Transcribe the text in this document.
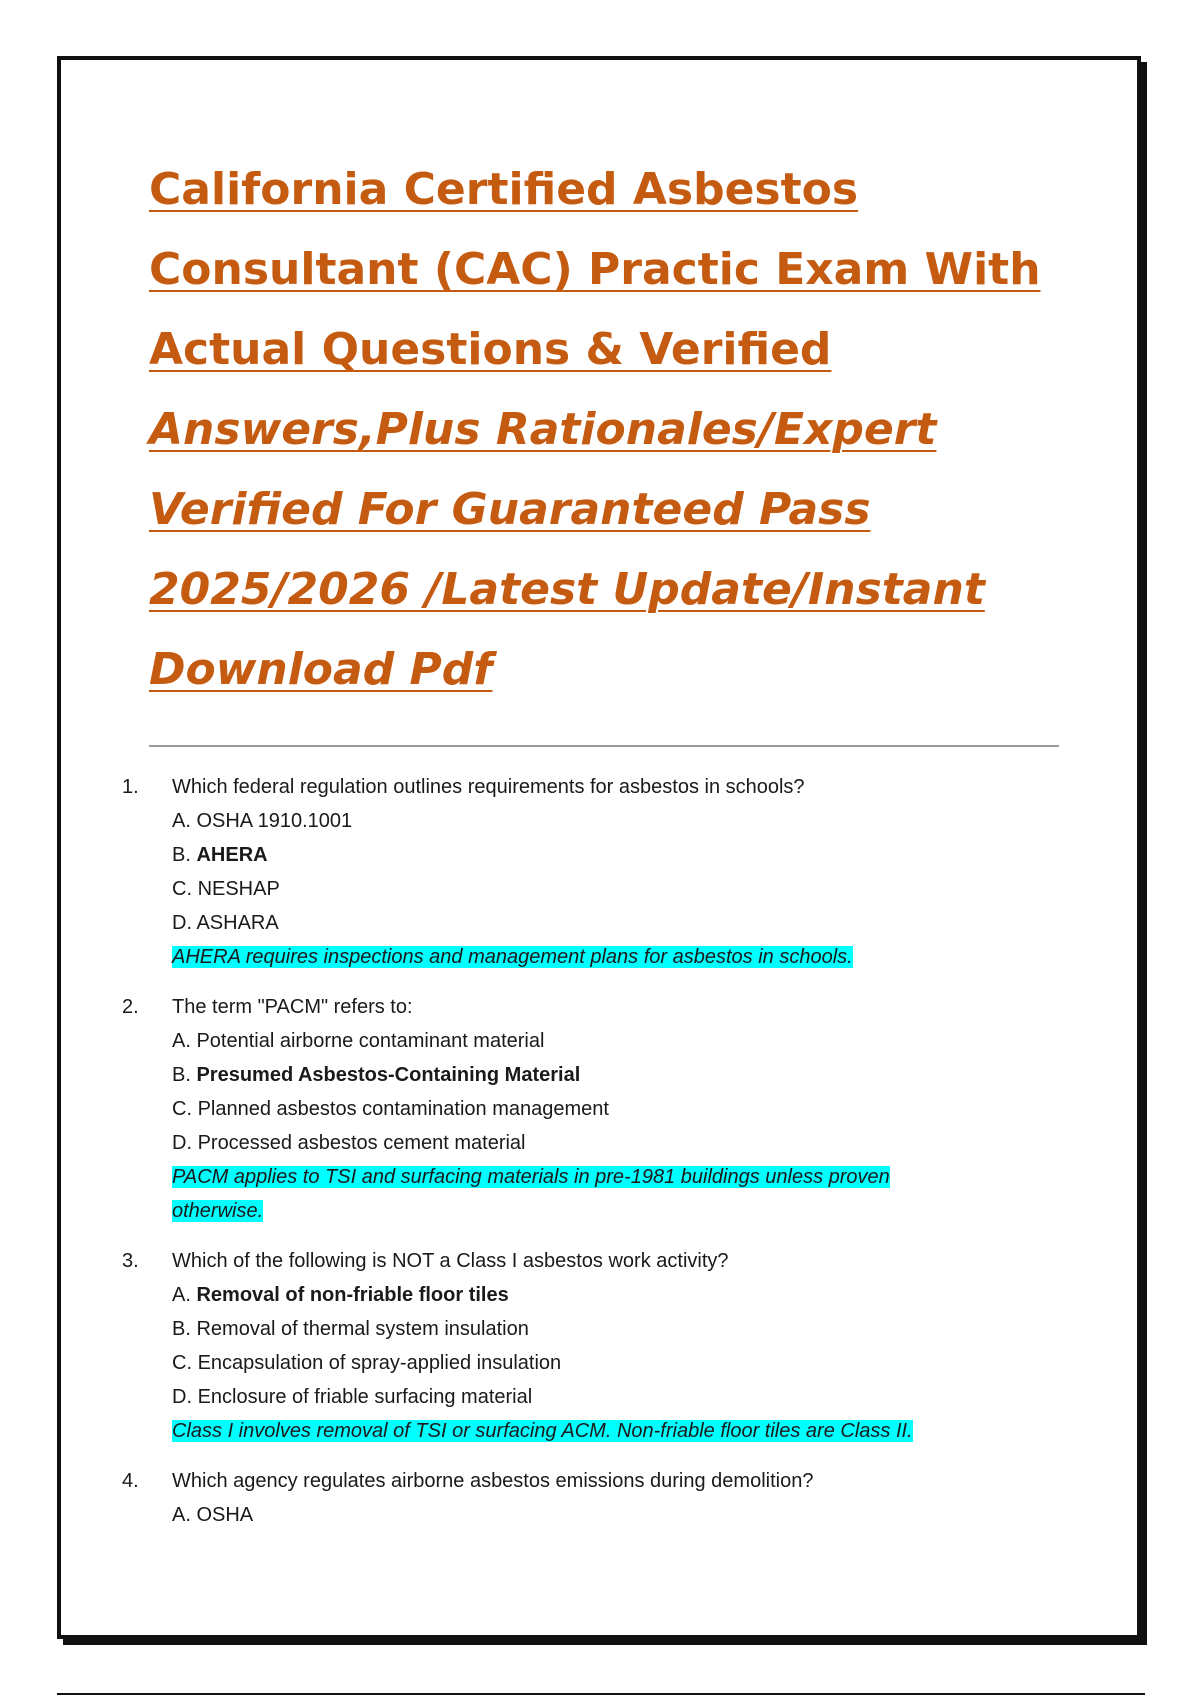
California Certified Asbestos
Consultant (CAC) Practic Exam With
Actual Questions & Verified
Answers,Plus Rationales/Expert
Verified For Guaranteed Pass
2025/2026 /Latest Update/Instant
Download Pdf
1. Which federal regulation outlines requirements for asbestos in schools?
A. OSHA 1910.1001
B. AHERA
C. NESHAP
D. ASHARA
AHERA requires inspections and management plans for asbestos in schools.
2. The term "PACM" refers to:
A. Potential airborne contaminant material
B. Presumed Asbestos-Containing Material
C. Planned asbestos contamination management
D. Processed asbestos cement material
PACM applies to TSI and surfacing materials in pre-1981 buildings unless proven otherwise.
3. Which of the following is NOT a Class I asbestos work activity?
A. Removal of non-friable floor tiles
B. Removal of thermal system insulation
C. Encapsulation of spray-applied insulation
D. Enclosure of friable surfacing material
Class I involves removal of TSI or surfacing ACM. Non-friable floor tiles are Class II.
4. Which agency regulates airborne asbestos emissions during demolition?
A. OSHA
